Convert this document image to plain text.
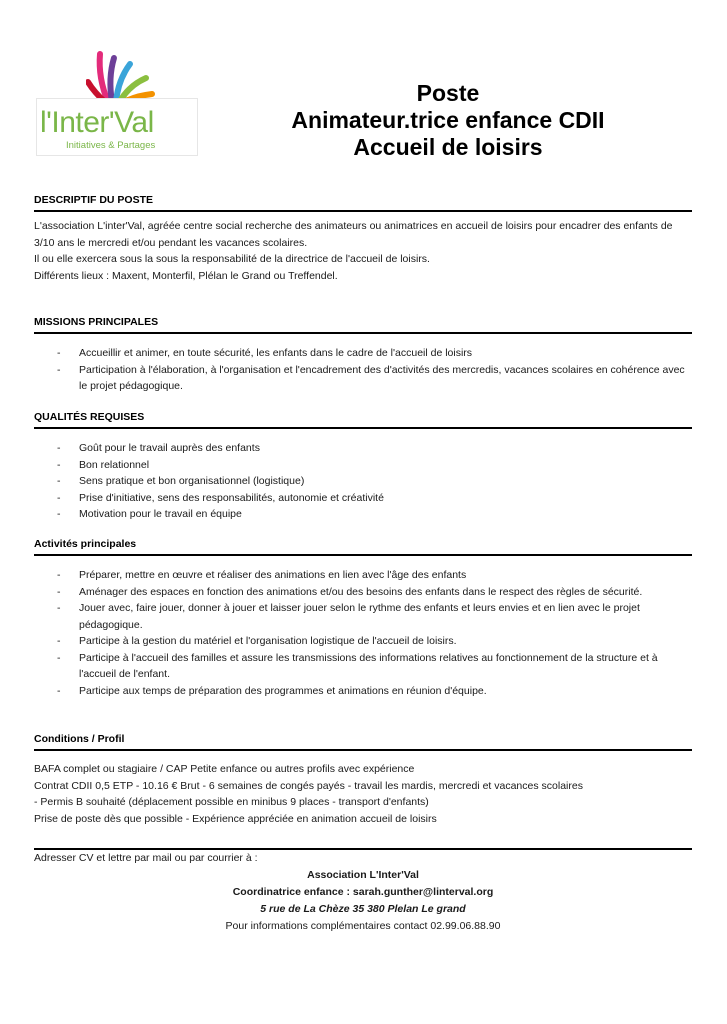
l'Inter'Val
Initiatives & Partages
Poste
Animateur.trice enfance CDII
Accueil de loisirs
DESCRIPTIF DU POSTE

L'association L'inter'Val, agréée centre social recherche des animateurs ou animatrices en accueil de loisirs pour encadrer des enfants de 3/10 ans le mercredi et/ou pendant les vacances scolaires.

Il ou elle exercera sous la sous la responsabilité de la directrice de l'accueil de loisirs.

Différents lieux : Maxent, Monterfil, Plélan le Grand ou Treffendel.

MISSIONS PRINCIPALES
- Accueillir et animer, en toute sécurité, les enfants dans le cadre de l'accueil de loisirs
- Participation à l'élaboration, à l'organisation et l'encadrement des d'activités des mercredis, vacances scolaires en cohérence avec le projet pédagogique.
QUALITÉS REQUISES
- Goût pour le travail auprès des enfants
- Bon relationnel
- Sens pratique et bon organisationnel (logistique)
- Prise d'initiative, sens des responsabilités, autonomie et créativité
- Motivation pour le travail en équipe
Activités principales
- Préparer, mettre en œuvre et réaliser des animations en lien avec l'âge des enfants
- Aménager des espaces en fonction des animations et/ou des besoins des enfants dans le respect des règles de sécurité.
- Jouer avec, faire jouer, donner à jouer et laisser jouer selon le rythme des enfants et leurs envies et en lien avec le projet pédagogique.
- Participe à la gestion du matériel et l'organisation logistique de l'accueil de loisirs.
- Participe à l'accueil des familles et assure les transmissions des informations relatives au fonctionnement de la structure et à l'accueil de l'enfant.
- Participe aux temps de préparation des programmes et animations en réunion d'équipe.
Conditions / Profil

BAFA complet ou stagiaire / CAP Petite enfance ou autres profils avec expérience

Contrat CDII 0,5 ETP - 10.16 € Brut - 6 semaines de congés payés - travail les mardis, mercredi et vacances scolaires

- Permis B souhaité (déplacement possible en minibus 9 places - transport d'enfants)

Prise de poste dès que possible - Expérience appréciée en animation accueil de loisirs

Adresser CV et lettre par mail ou par courrier à :
Association L'Inter'Val
Coordinatrice enfance : sarah.gunther@linterval.org
5 rue de La Chèze 35 380 Plelan Le grand
Pour informations complémentaires contact 02.99.06.88.90
